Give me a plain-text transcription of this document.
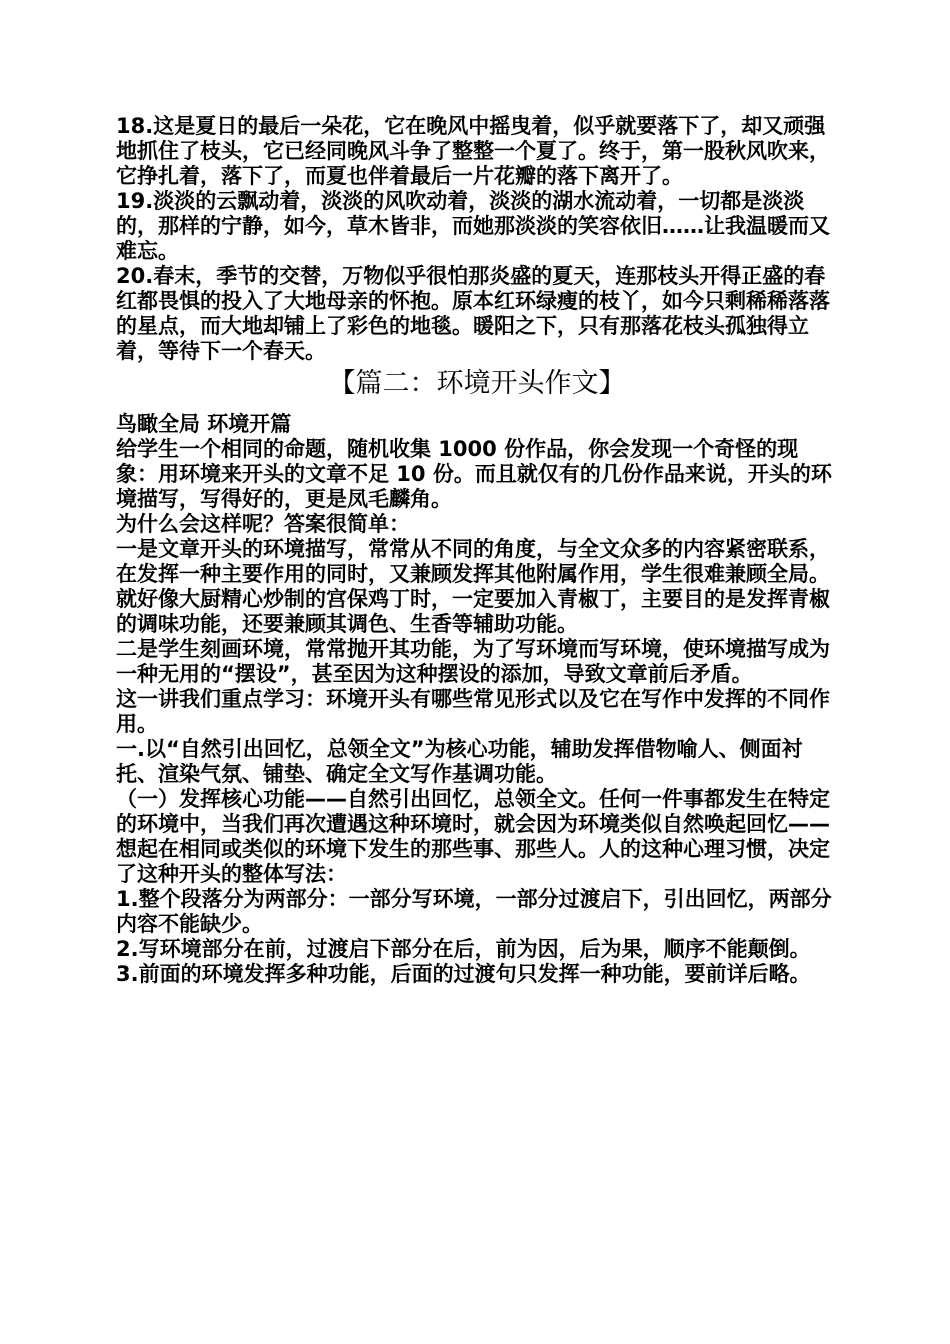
18.这是夏日的最后一朵花，它在晚风中摇曳着，似乎就要落下了，却又顽强地抓住了枝头，它已经同晚风斗争了整整一个夏了。终于，第一股秋风吹来，它挣扎着，落下了，而夏也伴着最后一片花瓣的落下离开了。

19.淡淡的云飘动着，淡淡的风吹动着，淡淡的湖水流动着，一切都是淡淡的，那样的宁静，如今，草木皆非，而她那淡淡的笑容依旧……让我温暖而又难忘。

20.春末，季节的交替，万物似乎很怕那炎盛的夏天，连那枝头开得正盛的春红都畏惧的投入了大地母亲的怀抱。原本红环绿瘦的枝丫，如今只剩稀稀落落的星点，而大地却铺上了彩色的地毯。暖阳之下，只有那落花枝头孤独得立着，等待下一个春天。

【篇二：环境开头作文】

鸟瞰全局 环境开篇

给学生一个相同的命题，随机收集 1000 份作品，你会发现一个奇怪的现象：用环境来开头的文章不足 10 份。而且就仅有的几份作品来说，开头的环境描写，写得好的，更是凤毛麟角。

为什么会这样呢？答案很简单：

一是文章开头的环境描写，常常从不同的角度，与全文众多的内容紧密联系，在发挥一种主要作用的同时，又兼顾发挥其他附属作用，学生很难兼顾全局。就好像大厨精心炒制的宫保鸡丁时，一定要加入青椒丁，主要目的是发挥青椒的调味功能，还要兼顾其调色、生香等辅助功能。

二是学生刻画环境，常常抛开其功能，为了写环境而写环境，使环境描写成为一种无用的“摆设”，甚至因为这种摆设的添加，导致文章前后矛盾。

这一讲我们重点学习：环境开头有哪些常见形式以及它在写作中发挥的不同作用。

一.以“自然引出回忆，总领全文”为核心功能，辅助发挥借物喻人、侧面衬托、渲染气氛、铺垫、确定全文写作基调功能。

（一）发挥核心功能——自然引出回忆，总领全文。任何一件事都发生在特定的环境中，当我们再次遭遇这种环境时，就会因为环境类似自然唤起回忆——想起在相同或类似的环境下发生的那些事、那些人。人的这种心理习惯，决定了这种开头的整体写法：

1.整个段落分为两部分：一部分写环境，一部分过渡启下，引出回忆，两部分内容不能缺少。

2.写环境部分在前，过渡启下部分在后，前为因，后为果，顺序不能颠倒。

3.前面的环境发挥多种功能，后面的过渡句只发挥一种功能，要前详后略。
